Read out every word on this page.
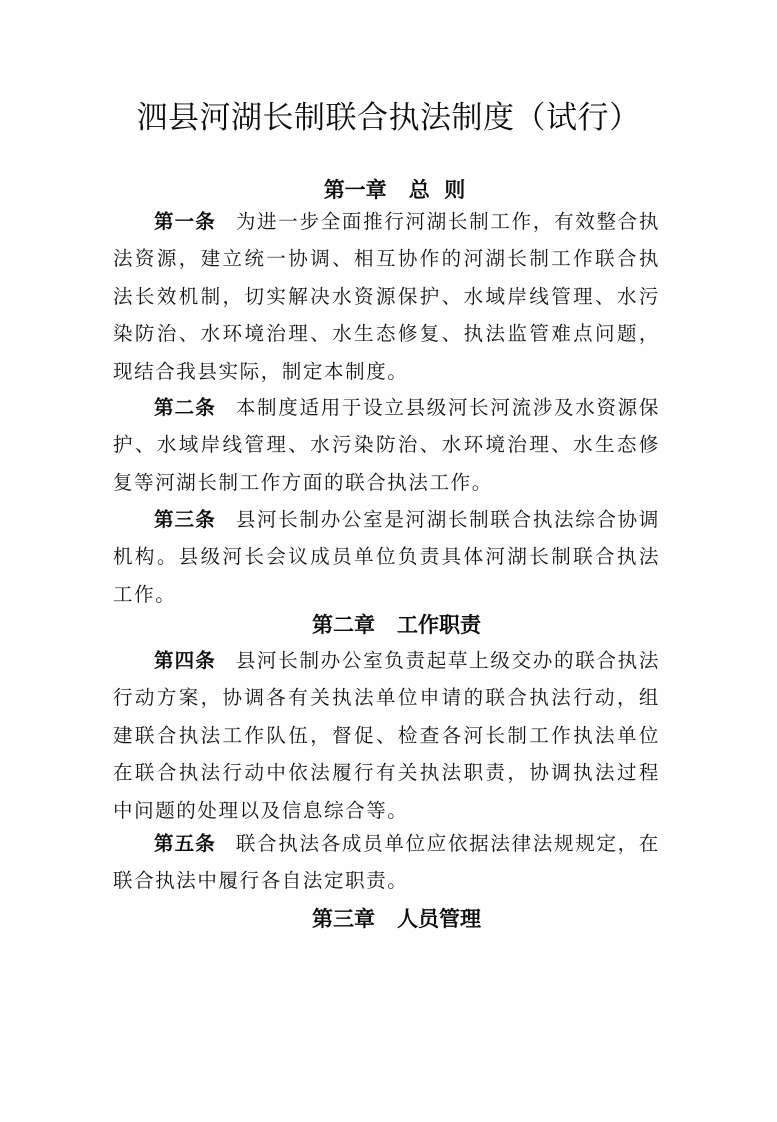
泗县河湖长制联合执法制度（试行）
第一章 总  则
第一条 为进一步全面推行河湖长制工作，有效整合执法资源，建立统一协调、相互协作的河湖长制工作联合执法长效机制，切实解决水资源保护、水域岸线管理、水污染防治、水环境治理、水生态修复、执法监管难点问题，现结合我县实际，制定本制度。
第二条 本制度适用于设立县级河长河流涉及水资源保护、水域岸线管理、水污染防治、水环境治理、水生态修复等河湖长制工作方面的联合执法工作。
第三条 县河长制办公室是河湖长制联合执法综合协调机构。县级河长会议成员单位负责具体河湖长制联合执法工作。
第二章 工作职责
第四条 县河长制办公室负责起草上级交办的联合执法行动方案，协调各有关执法单位申请的联合执法行动，组建联合执法工作队伍，督促、检查各河长制工作执法单位在联合执法行动中依法履行有关执法职责，协调执法过程中问题的处理以及信息综合等。
第五条 联合执法各成员单位应依据法律法规规定，在联合执法中履行各自法定职责。
第三章 人员管理
